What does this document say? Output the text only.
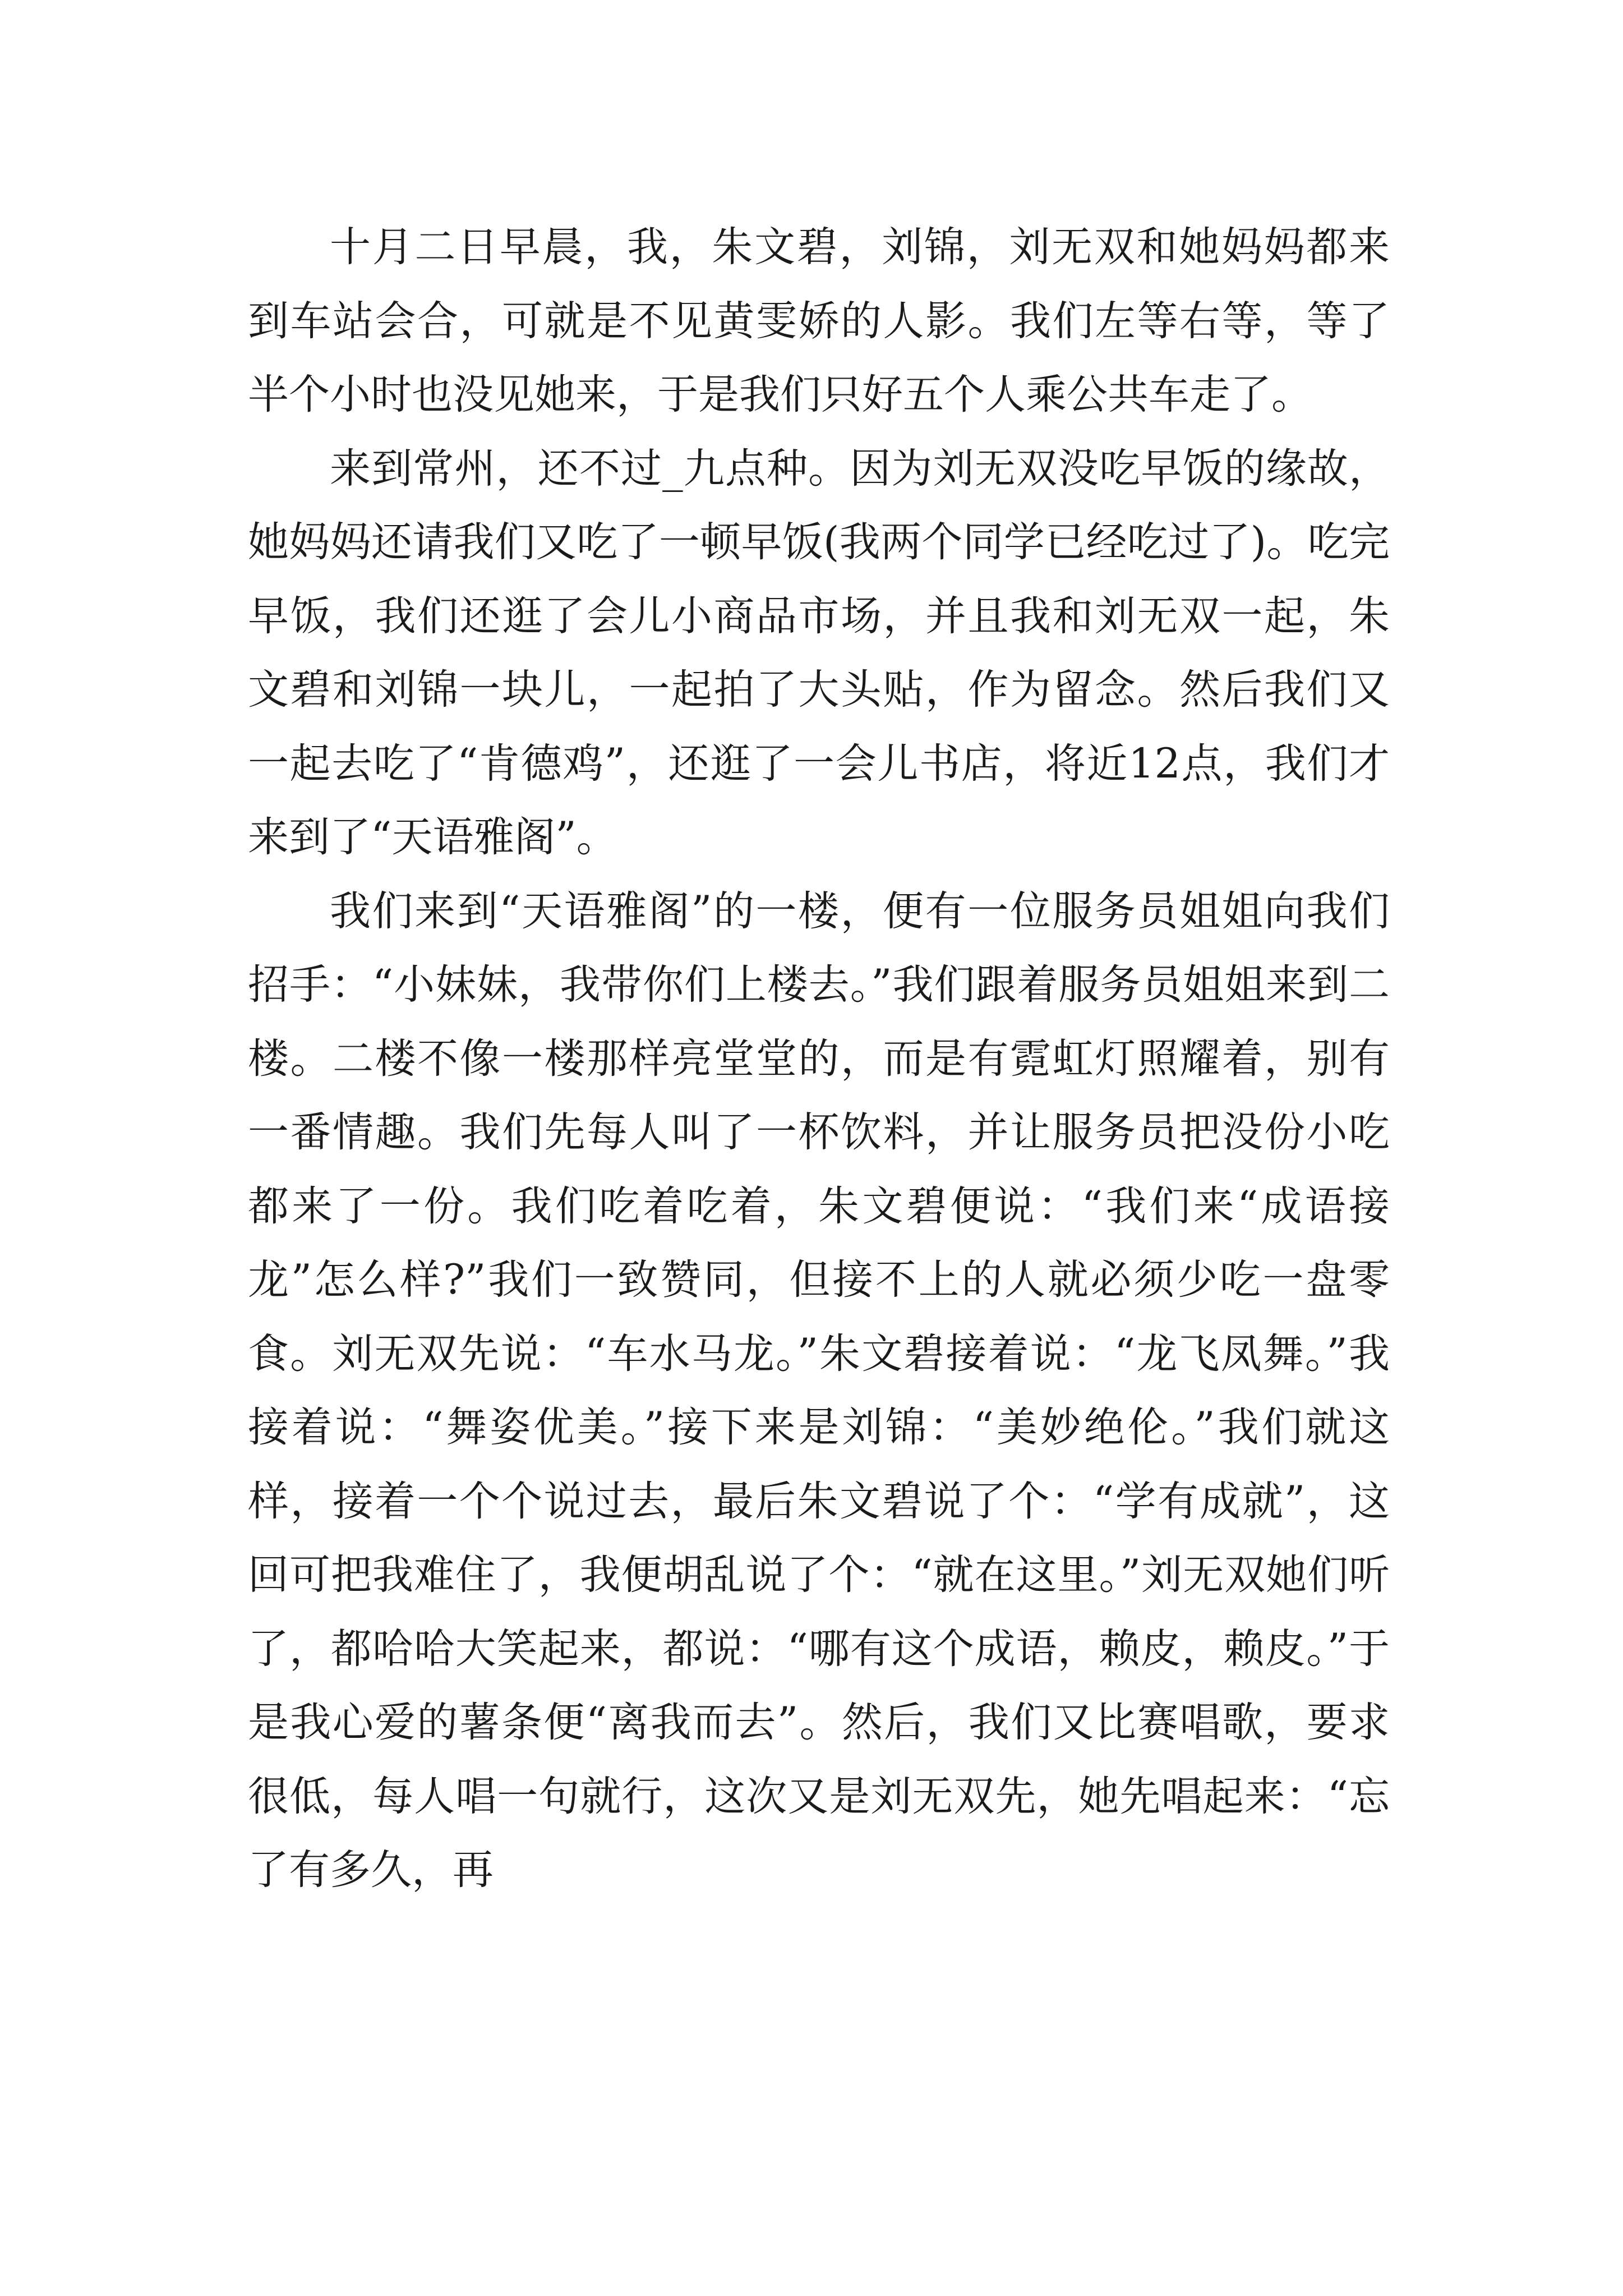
十月二日早晨，我，朱文碧，刘锦，刘无双和她妈妈都来到车站会合，可就是不见黄雯娇的人影。我们左等右等，等了半个小时也没见她来，于是我们只好五个人乘公共车走了。

来到常州，还不过_九点种。因为刘无双没吃早饭的缘故，她妈妈还请我们又吃了一顿早饭(我两个同学已经吃过了)。吃完早饭，我们还逛了会儿小商品市场，并且我和刘无双一起，朱文碧和刘锦一块儿，一起拍了大头贴，作为留念。然后我们又一起去吃了“肯德鸡”，还逛了一会儿书店，将近12点，我们才来到了“天语雅阁”。

我们来到“天语雅阁”的一楼，便有一位服务员姐姐向我们招手：“小妹妹，我带你们上楼去。”我们跟着服务员姐姐来到二楼。二楼不像一楼那样亮堂堂的，而是有霓虹灯照耀着，别有一番情趣。我们先每人叫了一杯饮料，并让服务员把没份小吃都来了一份。我们吃着吃着，朱文碧便说：“我们来“成语接龙”怎么样?”我们一致赞同，但接不上的人就必须少吃一盘零食。刘无双先说：“车水马龙。”朱文碧接着说：“龙飞凤舞。”我接着说：“舞姿优美。”接下来是刘锦：“美妙绝伦。”我们就这样，接着一个个说过去，最后朱文碧说了个：“学有成就”，这回可把我难住了，我便胡乱说了个：“就在这里。”刘无双她们听了，都哈哈大笑起来，都说：“哪有这个成语，赖皮，赖皮。”于是我心爱的薯条便“离我而去”。然后，我们又比赛唱歌，要求很低，每人唱一句就行，这次又是刘无双先，她先唱起来：“忘了有多久，再
